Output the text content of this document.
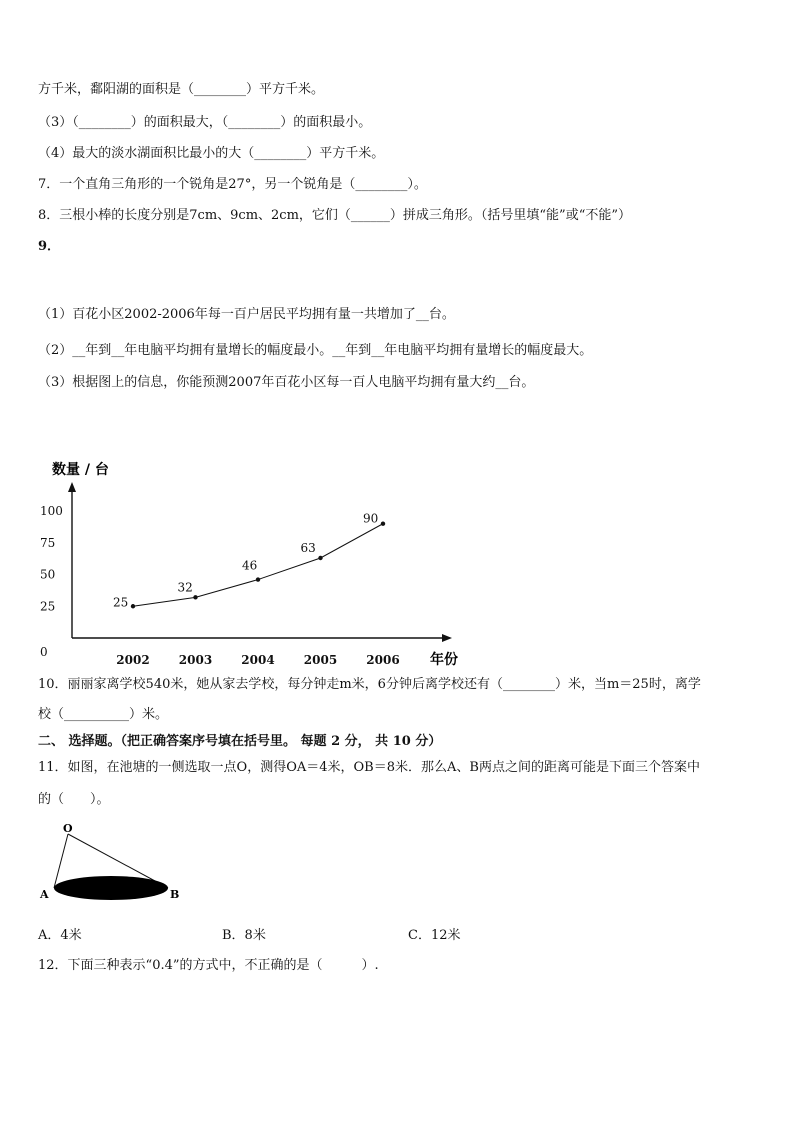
方千米，鄱阳湖的面积是（________）平方千米。
（3）（________）的面积最大，（________）的面积最小。
（4）最大的淡水湖面积比最小的大（________）平方千米。
7．一个直角三角形的一个锐角是27°，另一个锐角是（________）。
8．三根小棒的长度分别是7cm、9cm、2cm，它们（______）拼成三角形。（括号里填“能”或“不能”）
9．
（1）百花小区2002-2006年每一百户居民平均拥有量一共增加了__台。
（2）__年到__年电脑平均拥有量增长的幅度最小。__年到__年电脑平均拥有量增长的幅度最大。
（3）根据图上的信息，你能预测2007年百花小区每一百人电脑平均拥有量大约__台。
数量 / 台
年份
0
25
50
75
100
2002 2003 2004 2005 2006
25
32
46
63
90
10．丽丽家离学校540米，她从家去学校，每分钟走m米，6分钟后离学校还有（________）米，当m＝25时，离学
校（__________）米。
二、 选择题。（把正确答案序号填在括号里。 每题 2 分， 共 10 分）
11．如图，在池塘的一侧选取一点O，测得OA＝4米，OB＝8米．那么A、B两点之间的距离可能是下面三个答案中
的（　　）。
O
A	B
A．4米	B．8米	C．12米
12．下面三种表示“0.4”的方式中，不正确的是（　　　）.
